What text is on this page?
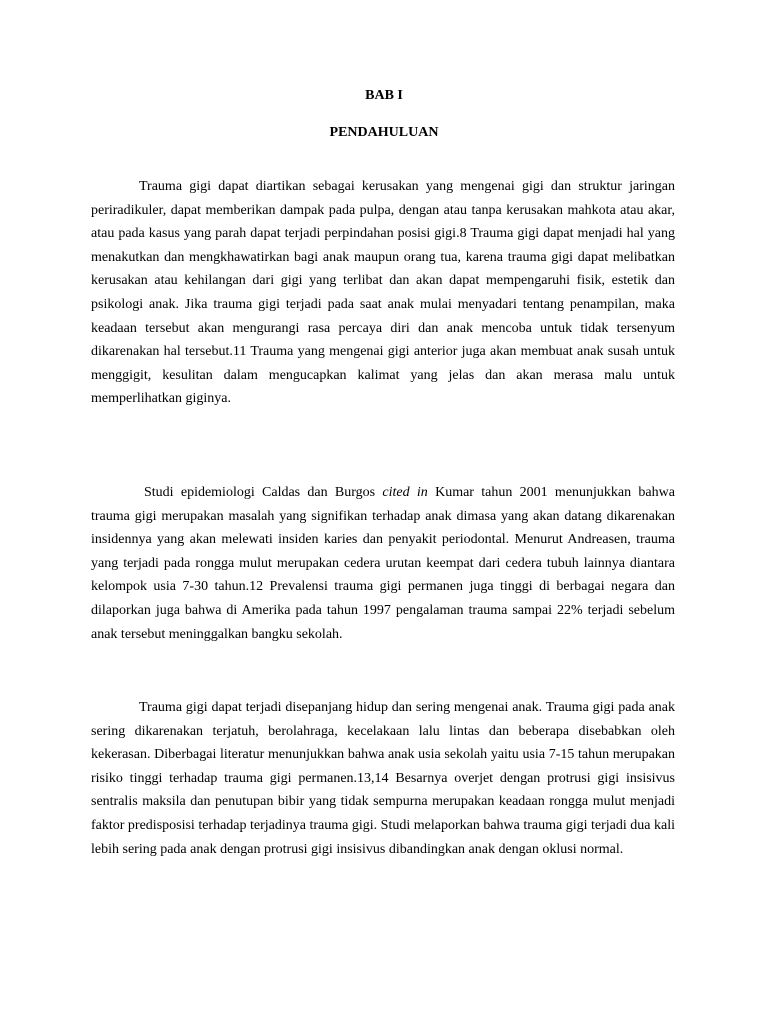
BAB I

PENDAHULUAN

Trauma gigi dapat diartikan sebagai kerusakan yang mengenai gigi dan struktur jaringan periradikuler, dapat memberikan dampak pada pulpa, dengan atau tanpa kerusakan mahkota atau akar, atau pada kasus yang parah dapat terjadi perpindahan posisi gigi.8 Trauma gigi dapat menjadi hal yang menakutkan dan mengkhawatirkan bagi anak maupun orang tua, karena trauma gigi dapat melibatkan kerusakan atau kehilangan dari gigi yang terlibat dan akan dapat mempengaruhi fisik, estetik dan psikologi anak. Jika trauma gigi terjadi pada saat anak mulai menyadari tentang penampilan, maka keadaan tersebut akan mengurangi rasa percaya diri dan anak mencoba untuk tidak tersenyum dikarenakan hal tersebut.11 Trauma yang mengenai gigi anterior juga akan membuat anak susah untuk menggigit, kesulitan dalam mengucapkan kalimat yang jelas dan akan merasa malu untuk memperlihatkan giginya.

Studi epidemiologi Caldas dan Burgos cited in Kumar tahun 2001 menunjukkan bahwa trauma gigi merupakan masalah yang signifikan terhadap anak dimasa yang akan datang dikarenakan insidennya yang akan melewati insiden karies dan penyakit periodontal. Menurut Andreasen, trauma yang terjadi pada rongga mulut merupakan cedera urutan keempat dari cedera tubuh lainnya diantara kelompok usia 7-30 tahun.12 Prevalensi trauma gigi permanen juga tinggi di berbagai negara dan dilaporkan juga bahwa di Amerika pada tahun 1997 pengalaman trauma sampai 22% terjadi sebelum anak tersebut meninggalkan bangku sekolah.

Trauma gigi dapat terjadi disepanjang hidup dan sering mengenai anak. Trauma gigi pada anak sering dikarenakan terjatuh, berolahraga, kecelakaan lalu lintas dan beberapa disebabkan oleh kekerasan. Diberbagai literatur menunjukkan bahwa anak usia sekolah yaitu usia 7-15 tahun merupakan risiko tinggi terhadap trauma gigi permanen.13,14 Besarnya overjet dengan protrusi gigi insisivus sentralis maksila dan penutupan bibir yang tidak sempurna merupakan keadaan rongga mulut menjadi faktor predisposisi terhadap terjadinya trauma gigi. Studi melaporkan bahwa trauma gigi terjadi dua kali lebih sering pada anak dengan protrusi gigi insisivus dibandingkan anak dengan oklusi normal.
